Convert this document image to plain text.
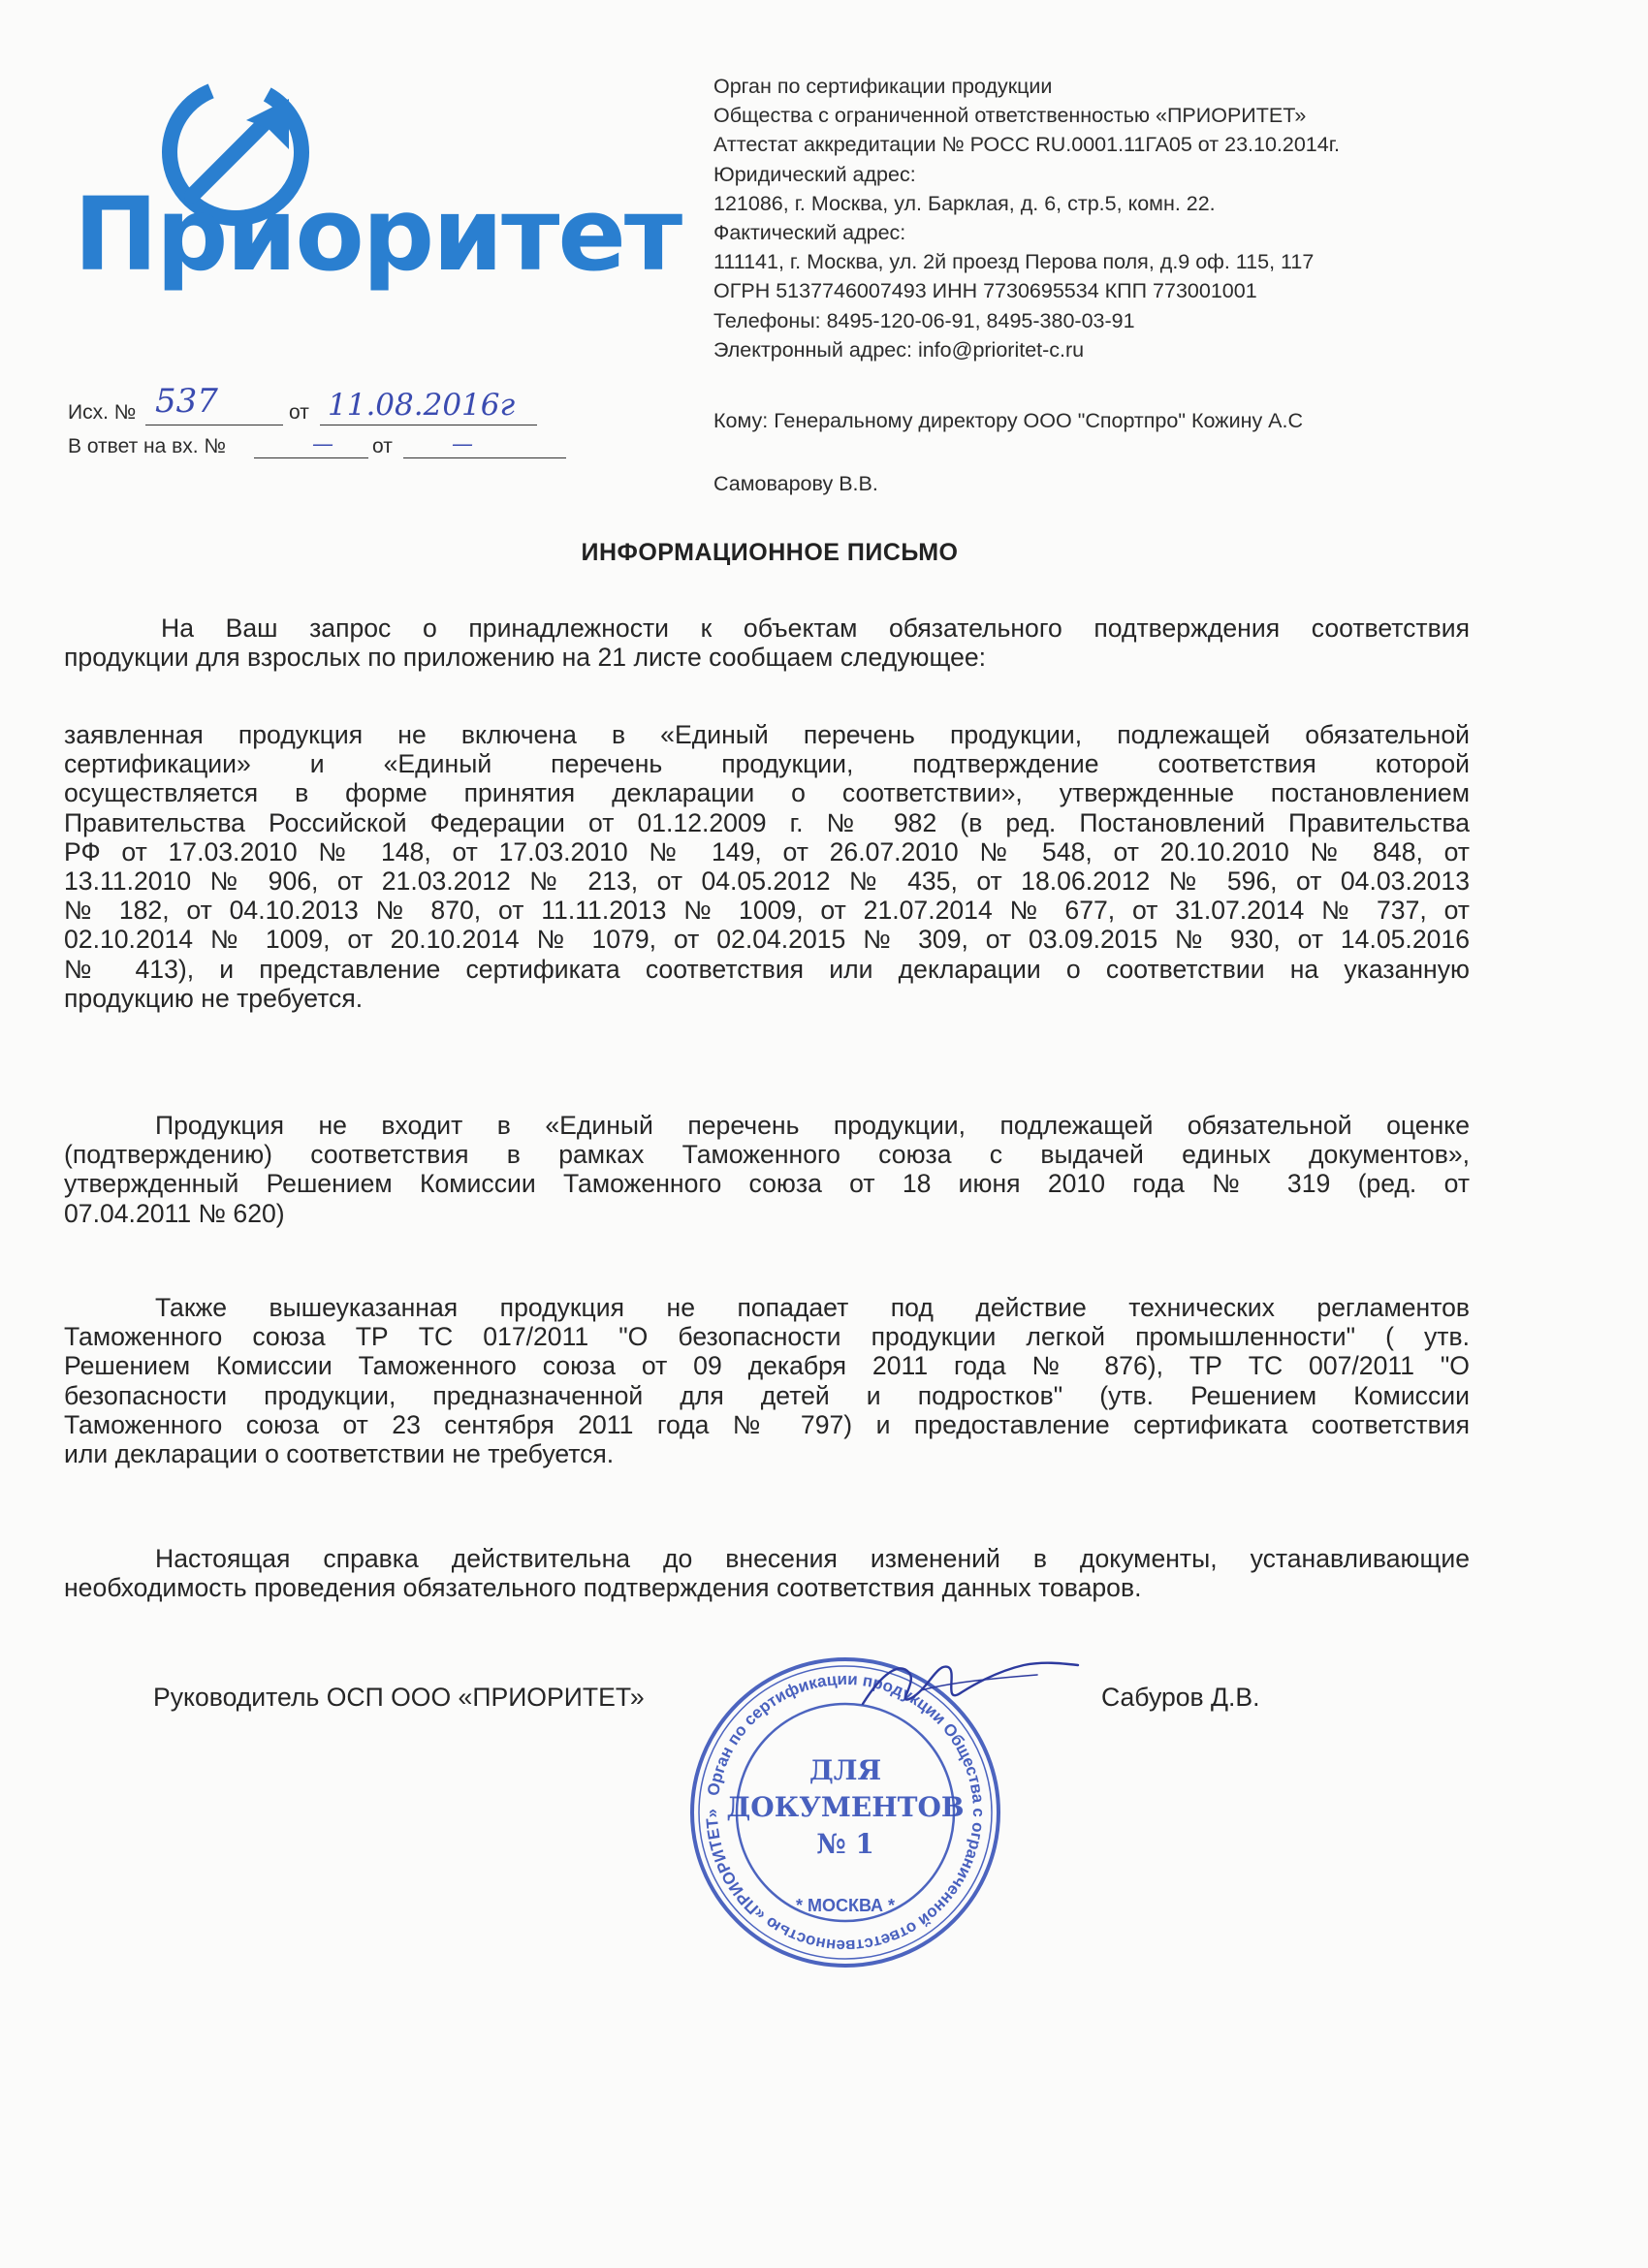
Приоритет
Орган по сертификации продукции
Общества с ограниченной ответственностью «ПРИОРИТЕТ»
Аттестат аккредитации № РОСС RU.0001.11ГА05 от 23.10.2014г.
Юридический адрес:
121086, г. Москва, ул. Барклая, д. 6, стр.5, комн. 22.
Фактический адрес:
111141, г. Москва, ул. 2й проезд Перова поля, д.9 оф. 115, 117
ОГРН 5137746007493 ИНН 7730695534 КПП 773001001
Телефоны: 8495-120-06-91, 8495-380-03-91
Электронный адрес: info@prioritet-c.ru
Исх. № 537	от 11.08.2016г
В ответ на вх. №	— от	—
Кому: Генеральному директору ООО "Спортпро" Кожину А.С
Самоварову В.В.
ИНФОРМАЦИОННОЕ ПИСЬМО
На Ваш запрос о принадлежности к объектам обязательного подтверждения соответствия
продукции для взрослых по приложению на 21 листе сообщаем следующее:
заявленная продукция не включена в «Единый перечень продукции, подлежащей обязательной
сертификации» и «Единый перечень продукции, подтверждение соответствия которой
осуществляется в форме принятия декларации о соответствии», утвержденные постановлением
Правительства Российской Федерации от 01.12.2009 г. № 982 (в ред. Постановлений Правительства
РФ от 17.03.2010 № 148, от 17.03.2010 № 149, от 26.07.2010 № 548, от 20.10.2010 № 848, от
13.11.2010 № 906, от 21.03.2012 № 213, от 04.05.2012 № 435, от 18.06.2012 № 596, от 04.03.2013
№ 182, от 04.10.2013 № 870, от 11.11.2013 № 1009, от 21.07.2014 № 677, от 31.07.2014 № 737, от
02.10.2014 № 1009, от 20.10.2014 № 1079, от 02.04.2015 № 309, от 03.09.2015 № 930, от 14.05.2016
№ 413), и представление сертификата соответствия или декларации о соответствии на указанную
продукцию не требуется.
Продукция не входит в «Единый перечень продукции, подлежащей обязательной оценке
(подтверждению) соответствия в рамках Таможенного союза с выдачей единых документов»,
утвержденный Решением Комиссии Таможенного союза от 18 июня 2010 года № 319 (ред. от
07.04.2011 № 620)
Также вышеуказанная продукция не попадает под действие технических регламентов
Таможенного союза ТР ТС 017/2011 "О безопасности продукции легкой промышленности" ( утв.
Решением Комиссии Таможенного союза от 09 декабря 2011 года № 876), ТР ТС 007/2011 "О
безопасности продукции, предназначенной для детей и подростков" (утв. Решением Комиссии
Таможенного союза от 23 сентября 2011 года № 797) и предоставление сертификата соответствия
или декларации о соответствии не требуется.
Настоящая справка действительна до внесения изменений в документы, устанавливающие
необходимость проведения обязательного подтверждения соответствия данных товаров.
Руководитель ОСП ООО «ПРИОРИТЕТ»	Сабуров Д.В.
Орган по сертификации продукции Общества с ограниченной ответственностью «ПРИОРИТЕТ»
* МОСКВА *
ДЛЯ
ДОКУМЕНТОВ
№ 1
